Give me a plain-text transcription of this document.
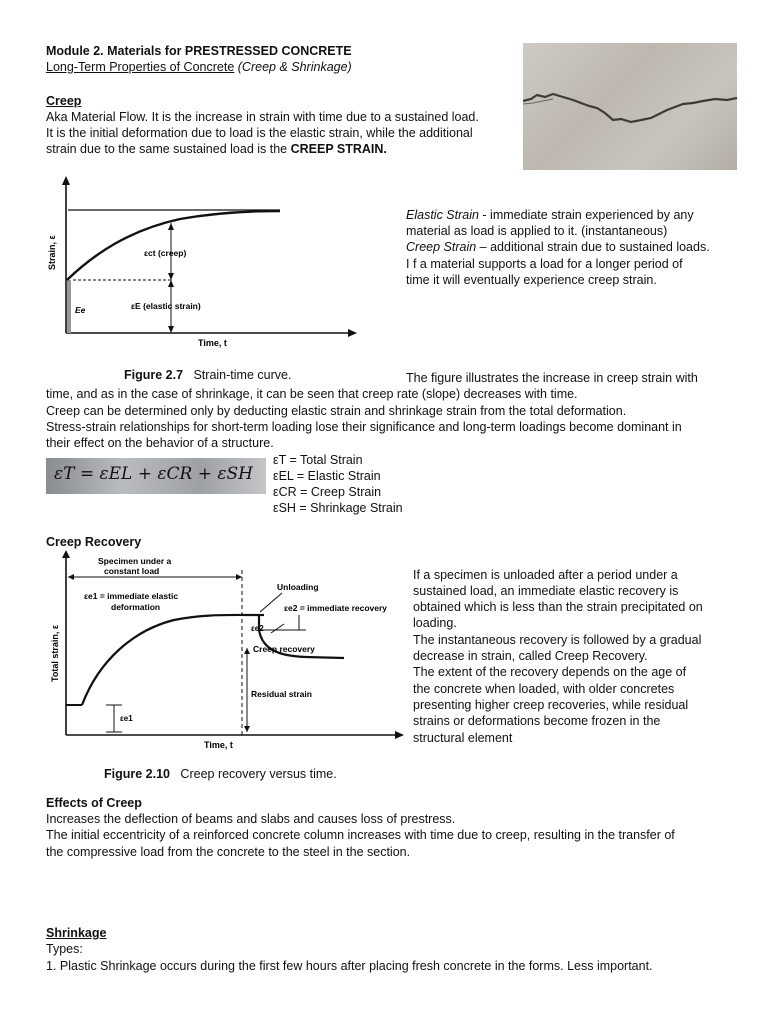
Module 2. Materials for PRESTRESSED CONCRETE
Long-Term Properties of Concrete (Creep & Shrinkage)
Creep
Aka Material Flow. It is the increase in strain with time due to a sustained load.
It is the initial deformation due to load is the elastic strain, while the additional
strain due to the same sustained load is the CREEP STRAIN.
εct (creep)
εE (elastic strain)
Ee
Strain, ε
Time, t
Figure 2.7 Strain-time curve.
Elastic Strain - immediate strain experienced by any
material as load is applied to it. (instantaneous)
Creep Strain – additional strain due to sustained loads.
I f a material supports a load for a longer period of
time it will eventually experience creep strain.
The figure illustrates the increase in creep strain with
time, and as in the case of shrinkage, it can be seen that creep rate (slope) decreases with time.
Creep can be determined only by deducting elastic strain and shrinkage strain from the total deformation.
Stress-strain relationships for short-term loading lose their significance and long-term loadings become dominant in
their effect on the behavior of a structure.
εT = εEL + εCR + εSH
εT = Total Strain
εEL = Elastic Strain
εCR = Creep Strain
εSH = Shrinkage Strain
Creep Recovery
Specimen under a
constant load
Unloading
εe1 = immediate elastic
deformation	εe2 = immediate recovery
εe2
Creep recovery
Residual strain
εe1
Total strain, ε
Time, t
Figure 2.10 Creep recovery versus time.
If a specimen is unloaded after a period under a
sustained load, an immediate elastic recovery is
obtained which is less than the strain precipitated on
loading.
The instantaneous recovery is followed by a gradual
decrease in strain, called Creep Recovery.
The extent of the recovery depends on the age of
the concrete when loaded, with older concretes
presenting higher creep recoveries, while residual
strains or deformations become frozen in the
structural element
Effects of Creep
Increases the deflection of beams and slabs and causes loss of prestress.
The initial eccentricity of a reinforced concrete column increases with time due to creep, resulting in the transfer of
the compressive load from the concrete to the steel in the section.
Shrinkage
Types:
1. Plastic Shrinkage occurs during the first few hours after placing fresh concrete in the forms. Less important.
